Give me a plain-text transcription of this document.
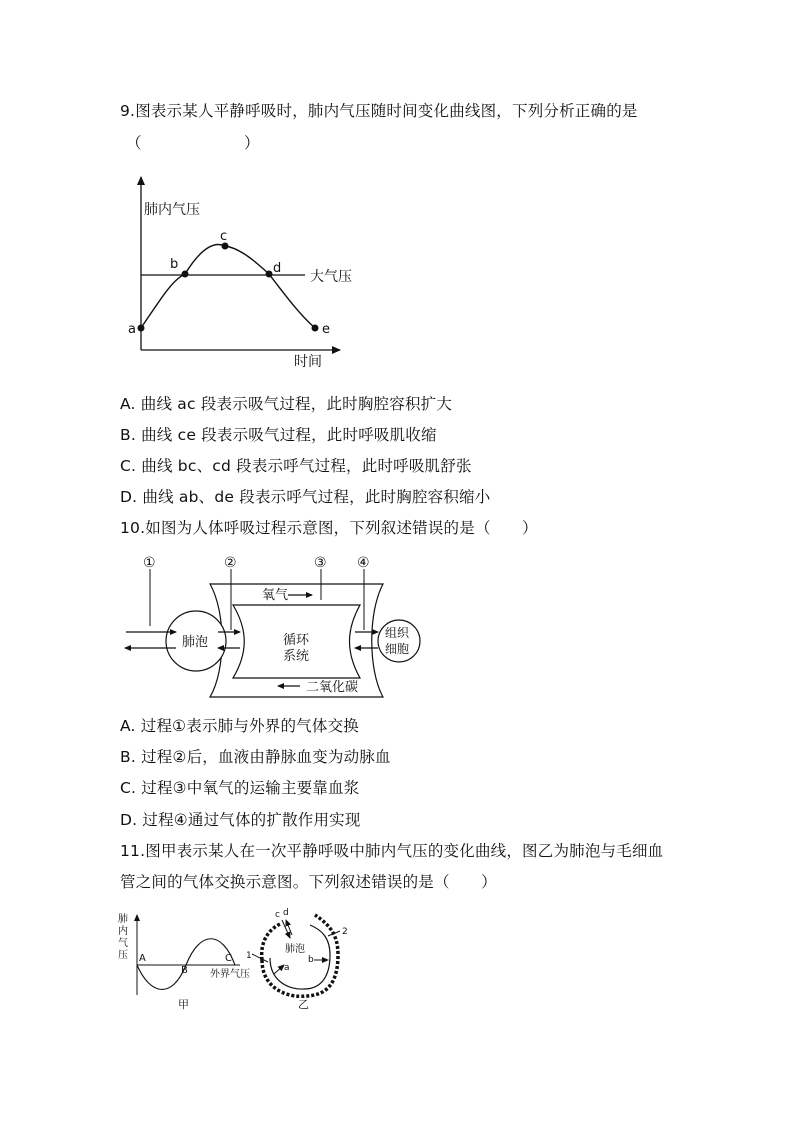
9.图表示某人平静呼吸时，肺内气压随时间变化曲线图，下列分析正确的是
（	）
肺内气压
时间
大气压
a
b
c
d
e
①	②	③ ④
肺泡
组织
细胞
循环
系统
氧气
二氧化碳
肺
内
气
压 A
B
C
外界气压
甲
肺泡
c d
1
2
a
b
乙
A. 曲线 ac 段表示吸气过程，此时胸腔容积扩大
B. 曲线 ce 段表示吸气过程，此时呼吸肌收缩
C. 曲线 bc、cd 段表示呼气过程，此时呼吸肌舒张
D. 曲线 ab、de 段表示呼气过程，此时胸腔容积缩小
10.如图为人体呼吸过程示意图，下列叙述错误的是（　　）
A. 过程①表示肺与外界的气体交换
B. 过程②后，血液由静脉血变为动脉血
C. 过程③中氧气的运输主要靠血浆
D. 过程④通过气体的扩散作用实现
11.图甲表示某人在一次平静呼吸中肺内气压的变化曲线，图乙为肺泡与毛细血
管之间的气体交换示意图。下列叙述错误的是（　　）
